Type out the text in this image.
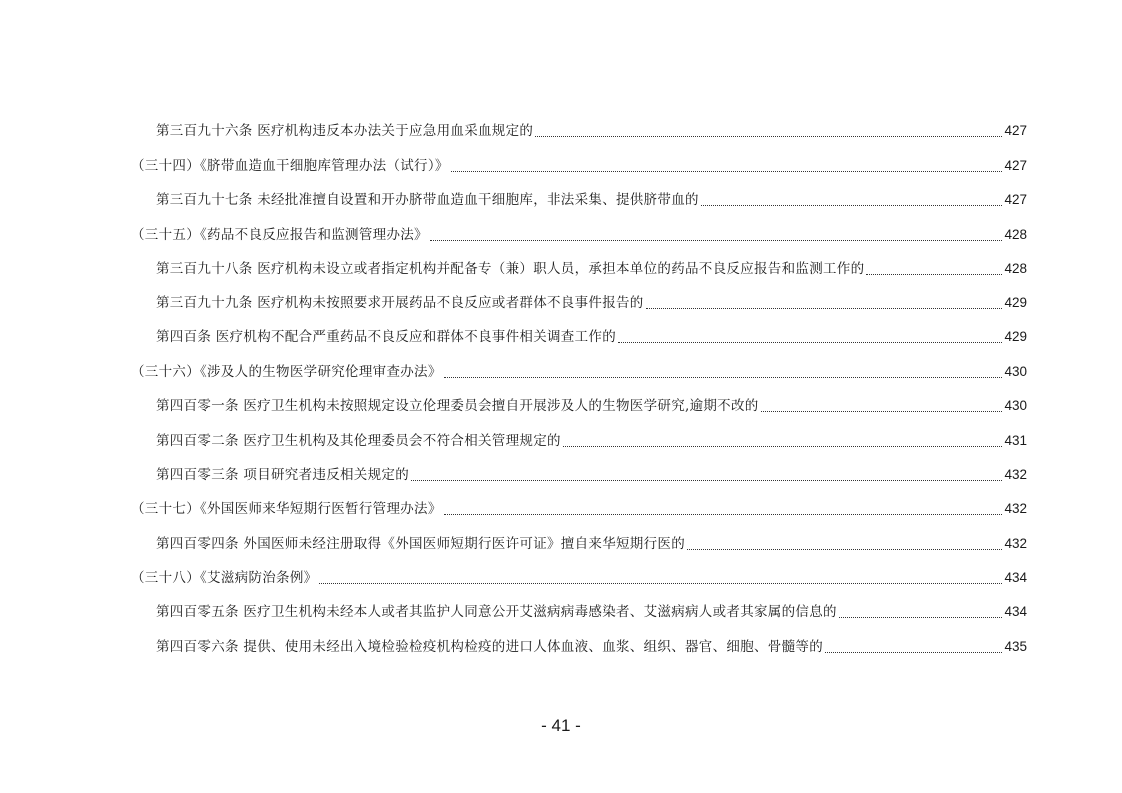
第三百九十六条 医疗机构违反本办法关于应急用血采血规定的	427
（三十四）《脐带血造血干细胞库管理办法（试行）》	427
第三百九十七条 未经批准擅自设置和开办脐带血造血干细胞库，非法采集、提供脐带血的	427
（三十五）《药品不良反应报告和监测管理办法》	428
第三百九十八条 医疗机构未设立或者指定机构并配备专（兼）职人员，承担本单位的药品不良反应报告和监测工作的	428
第三百九十九条 医疗机构未按照要求开展药品不良反应或者群体不良事件报告的	429
第四百条 医疗机构不配合严重药品不良反应和群体不良事件相关调查工作的	429
（三十六）《涉及人的生物医学研究伦理审查办法》	430
第四百零一条 医疗卫生机构未按照规定设立伦理委员会擅自开展涉及人的生物医学研究,逾期不改的	430
第四百零二条 医疗卫生机构及其伦理委员会不符合相关管理规定的	431
第四百零三条 项目研究者违反相关规定的	432
（三十七）《外国医师来华短期行医暂行管理办法》	432
第四百零四条 外国医师未经注册取得《外国医师短期行医许可证》擅自来华短期行医的	432
（三十八）《艾滋病防治条例》	434
第四百零五条 医疗卫生机构未经本人或者其监护人同意公开艾滋病病毒感染者、艾滋病病人或者其家属的信息的	434
第四百零六条 提供、使用未经出入境检验检疫机构检疫的进口人体血液、血浆、组织、器官、细胞、骨髓等的	435
- 41 -
